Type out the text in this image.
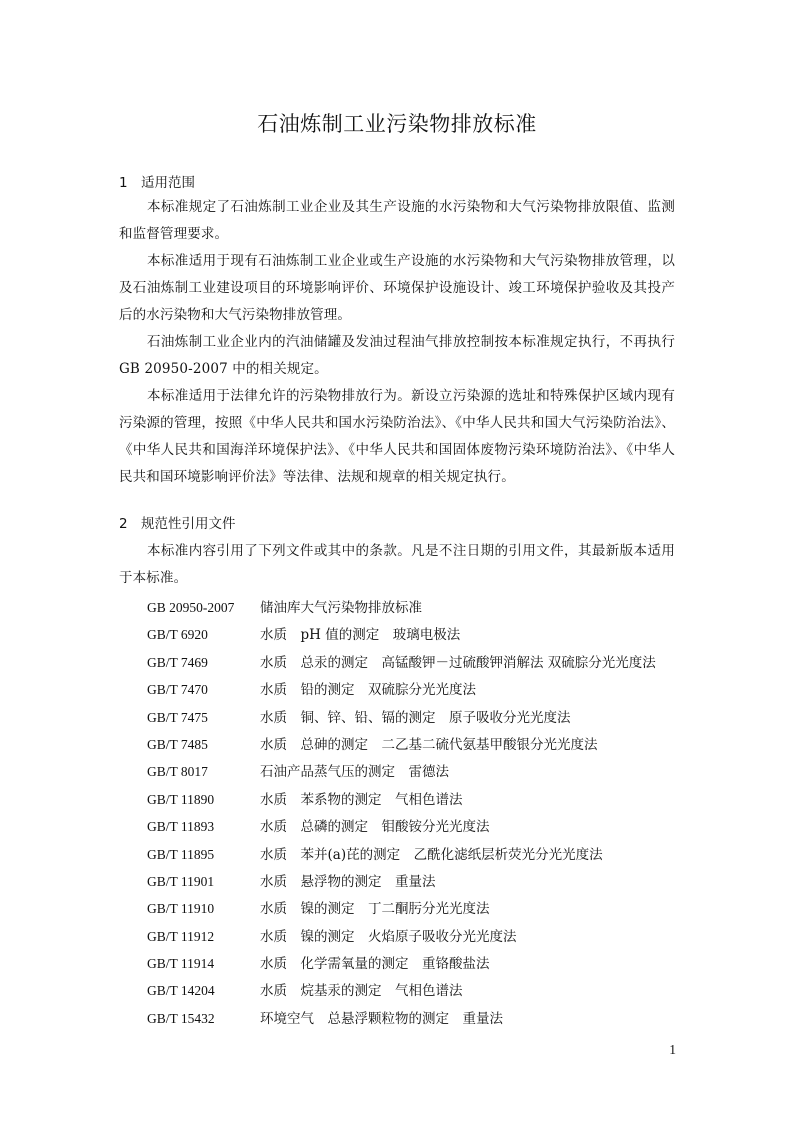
石油炼制工业污染物排放标准
1 适用范围

本标准规定了石油炼制工业企业及其生产设施的水污染物和大气污染物排放限值、监测和监督管理要求。

本标准适用于现有石油炼制工业企业或生产设施的水污染物和大气污染物排放管理，以及石油炼制工业建设项目的环境影响评价、环境保护设施设计、竣工环境保护验收及其投产后的水污染物和大气污染物排放管理。

石油炼制工业企业内的汽油储罐及发油过程油气排放控制按本标准规定执行，不再执行GB 20950-2007 中的相关规定。

本标准适用于法律允许的污染物排放行为。新设立污染源的选址和特殊保护区域内现有污染源的管理，按照《中华人民共和国水污染防治法》、《中华人民共和国大气污染防治法》、《中华人民共和国海洋环境保护法》、《中华人民共和国固体废物污染环境防治法》、《中华人民共和国环境影响评价法》等法律、法规和规章的相关规定执行。

2 规范性引用文件

本标准内容引用了下列文件或其中的条款。凡是不注日期的引用文件，其最新版本适用于本标准。

GB 20950-2007 储油库大气污染物排放标准
GB/T 6920	水质　pH 值的测定　玻璃电极法
GB/T 7469	水质　总汞的测定　高锰酸钾－过硫酸钾消解法 双硫腙分光光度法
GB/T 7470	水质　铅的测定　双硫腙分光光度法
GB/T 7475	水质　铜、锌、铅、镉的测定　原子吸收分光光度法
GB/T 7485	水质　总砷的测定　二乙基二硫代氨基甲酸银分光光度法
GB/T 8017	石油产品蒸气压的测定　雷德法
GB/T 11890	水质　苯系物的测定　气相色谱法
GB/T 11893	水质　总磷的测定　钼酸铵分光光度法
GB/T 11895	水质　苯并(a)芘的测定　乙酰化滤纸层析荧光分光光度法
GB/T 11901	水质　悬浮物的测定　重量法
GB/T 11910	水质　镍的测定　丁二酮肟分光光度法
GB/T 11912	水质　镍的测定　火焰原子吸收分光光度法
GB/T 11914	水质　化学需氧量的测定　重铬酸盐法
GB/T 14204	水质　烷基汞的测定　气相色谱法
GB/T 15432	环境空气　总悬浮颗粒物的测定　重量法
1
